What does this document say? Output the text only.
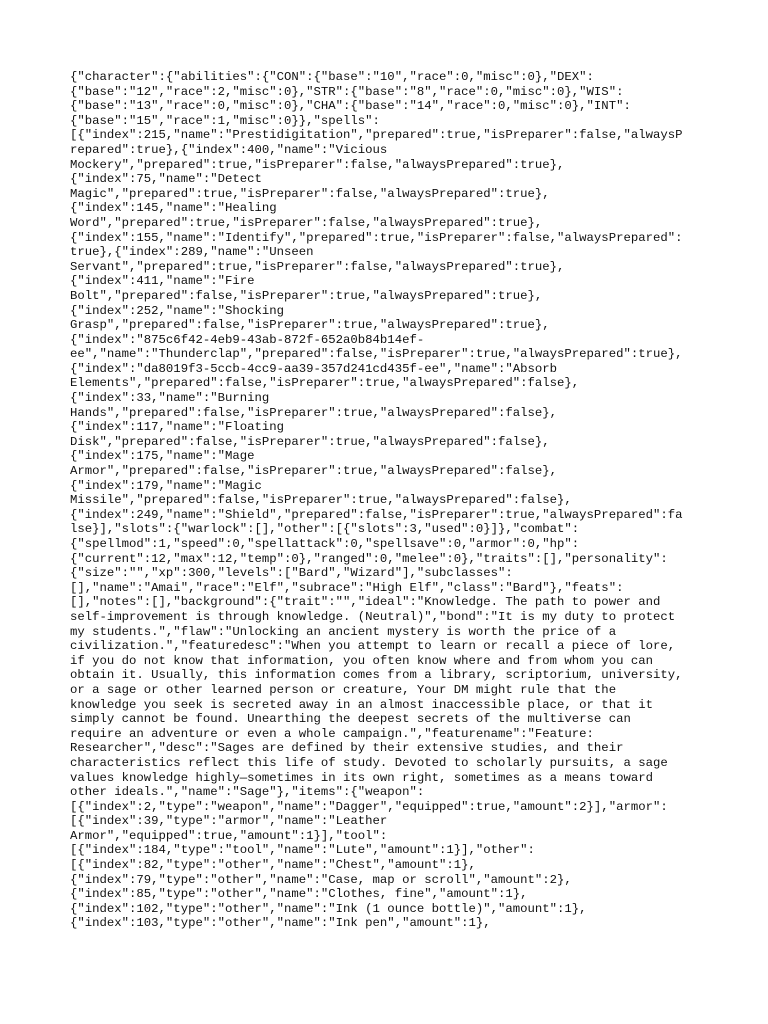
{"character":{"abilities":{"CON":{"base":"10","race":0,"misc":0},"DEX":
{"base":"12","race":2,"misc":0},"STR":{"base":"8","race":0,"misc":0},"WIS":
{"base":"13","race":0,"misc":0},"CHA":{"base":"14","race":0,"misc":0},"INT":
{"base":"15","race":1,"misc":0}},"spells":
[{"index":215,"name":"Prestidigitation","prepared":true,"isPreparer":false,"alwaysP
repared":true},{"index":400,"name":"Vicious
Mockery","prepared":true,"isPreparer":false,"alwaysPrepared":true},
{"index":75,"name":"Detect
Magic","prepared":true,"isPreparer":false,"alwaysPrepared":true},
{"index":145,"name":"Healing
Word","prepared":true,"isPreparer":false,"alwaysPrepared":true},
{"index":155,"name":"Identify","prepared":true,"isPreparer":false,"alwaysPrepared":
true},{"index":289,"name":"Unseen
Servant","prepared":true,"isPreparer":false,"alwaysPrepared":true},
{"index":411,"name":"Fire
Bolt","prepared":false,"isPreparer":true,"alwaysPrepared":true},
{"index":252,"name":"Shocking
Grasp","prepared":false,"isPreparer":true,"alwaysPrepared":true},
{"index":"875c6f42-4eb9-43ab-872f-652a0b84b14ef-
ee","name":"Thunderclap","prepared":false,"isPreparer":true,"alwaysPrepared":true},
{"index":"da8019f3-5ccb-4cc9-aa39-357d241cd435f-ee","name":"Absorb
Elements","prepared":false,"isPreparer":true,"alwaysPrepared":false},
{"index":33,"name":"Burning
Hands","prepared":false,"isPreparer":true,"alwaysPrepared":false},
{"index":117,"name":"Floating
Disk","prepared":false,"isPreparer":true,"alwaysPrepared":false},
{"index":175,"name":"Mage
Armor","prepared":false,"isPreparer":true,"alwaysPrepared":false},
{"index":179,"name":"Magic
Missile","prepared":false,"isPreparer":true,"alwaysPrepared":false},
{"index":249,"name":"Shield","prepared":false,"isPreparer":true,"alwaysPrepared":fa
lse}],"slots":{"warlock":[],"other":[{"slots":3,"used":0}]},"combat":
{"spellmod":1,"speed":0,"spellattack":0,"spellsave":0,"armor":0,"hp":
{"current":12,"max":12,"temp":0},"ranged":0,"melee":0},"traits":[],"personality":
{"size":"","xp":300,"levels":["Bard","Wizard"],"subclasses":
[],"name":"Amai","race":"Elf","subrace":"High Elf","class":"Bard"},"feats":
[],"notes":[],"background":{"trait":"","ideal":"Knowledge. The path to power and
self-improvement is through knowledge. (Neutral)","bond":"It is my duty to protect
my students.","flaw":"Unlocking an ancient mystery is worth the price of a
civilization.","featuredesc":"When you attempt to learn or recall a piece of lore,
if you do not know that information, you often know where and from whom you can
obtain it. Usually, this information comes from a library, scriptorium, university,
or a sage or other learned person or creature, Your DM might rule that the
knowledge you seek is secreted away in an almost inaccessible place, or that it
simply cannot be found. Unearthing the deepest secrets of the multiverse can
require an adventure or even a whole campaign.","featurename":"Feature:
Researcher","desc":"Sages are defined by their extensive studies, and their
characteristics reflect this life of study. Devoted to scholarly pursuits, a sage
values knowledge highly—sometimes in its own right, sometimes as a means toward
other ideals.","name":"Sage"},"items":{"weapon":
[{"index":2,"type":"weapon","name":"Dagger","equipped":true,"amount":2}],"armor":
[{"index":39,"type":"armor","name":"Leather
Armor","equipped":true,"amount":1}],"tool":
[{"index":184,"type":"tool","name":"Lute","amount":1}],"other":
[{"index":82,"type":"other","name":"Chest","amount":1},
{"index":79,"type":"other","name":"Case, map or scroll","amount":2},
{"index":85,"type":"other","name":"Clothes, fine","amount":1},
{"index":102,"type":"other","name":"Ink (1 ounce bottle)","amount":1},
{"index":103,"type":"other","name":"Ink pen","amount":1},
